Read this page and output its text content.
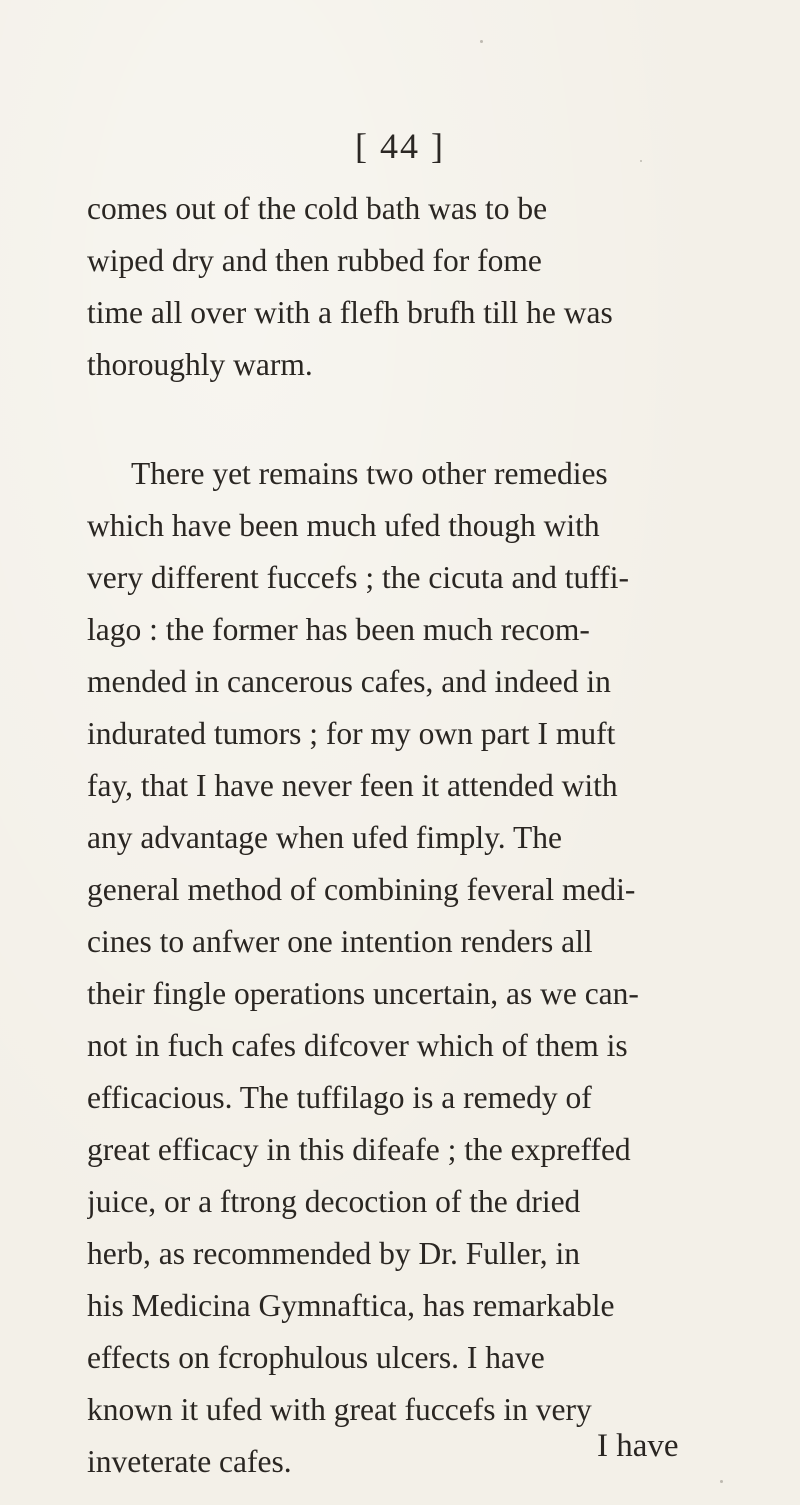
[ 44 ]
comes out of the cold bath was to be
wiped dry and then rubbed for fome
time all over with a flefh brufh till he was
thoroughly warm.
There yet remains two other remedies
which have been much ufed though with
very different fuccefs ; the cicuta and tuffi-
lago : the former has been much recom-
mended in cancerous cafes, and indeed in
indurated tumors ; for my own part I muft
fay, that I have never feen it attended with
any advantage when ufed fimply. The
general method of combining feveral medi-
cines to anfwer one intention renders all
their fingle operations uncertain, as we can-
not in fuch cafes difcover which of them is
efficacious. The tuffilago is a remedy of
great efficacy in this difeafe ; the expreffed
juice, or a ftrong decoction of the dried
herb, as recommended by Dr. Fuller, in
his Medicina Gymnaftica, has remarkable
effects on fcrophulous ulcers. I have
known it ufed with great fuccefs in very
inveterate cafes.	I have
